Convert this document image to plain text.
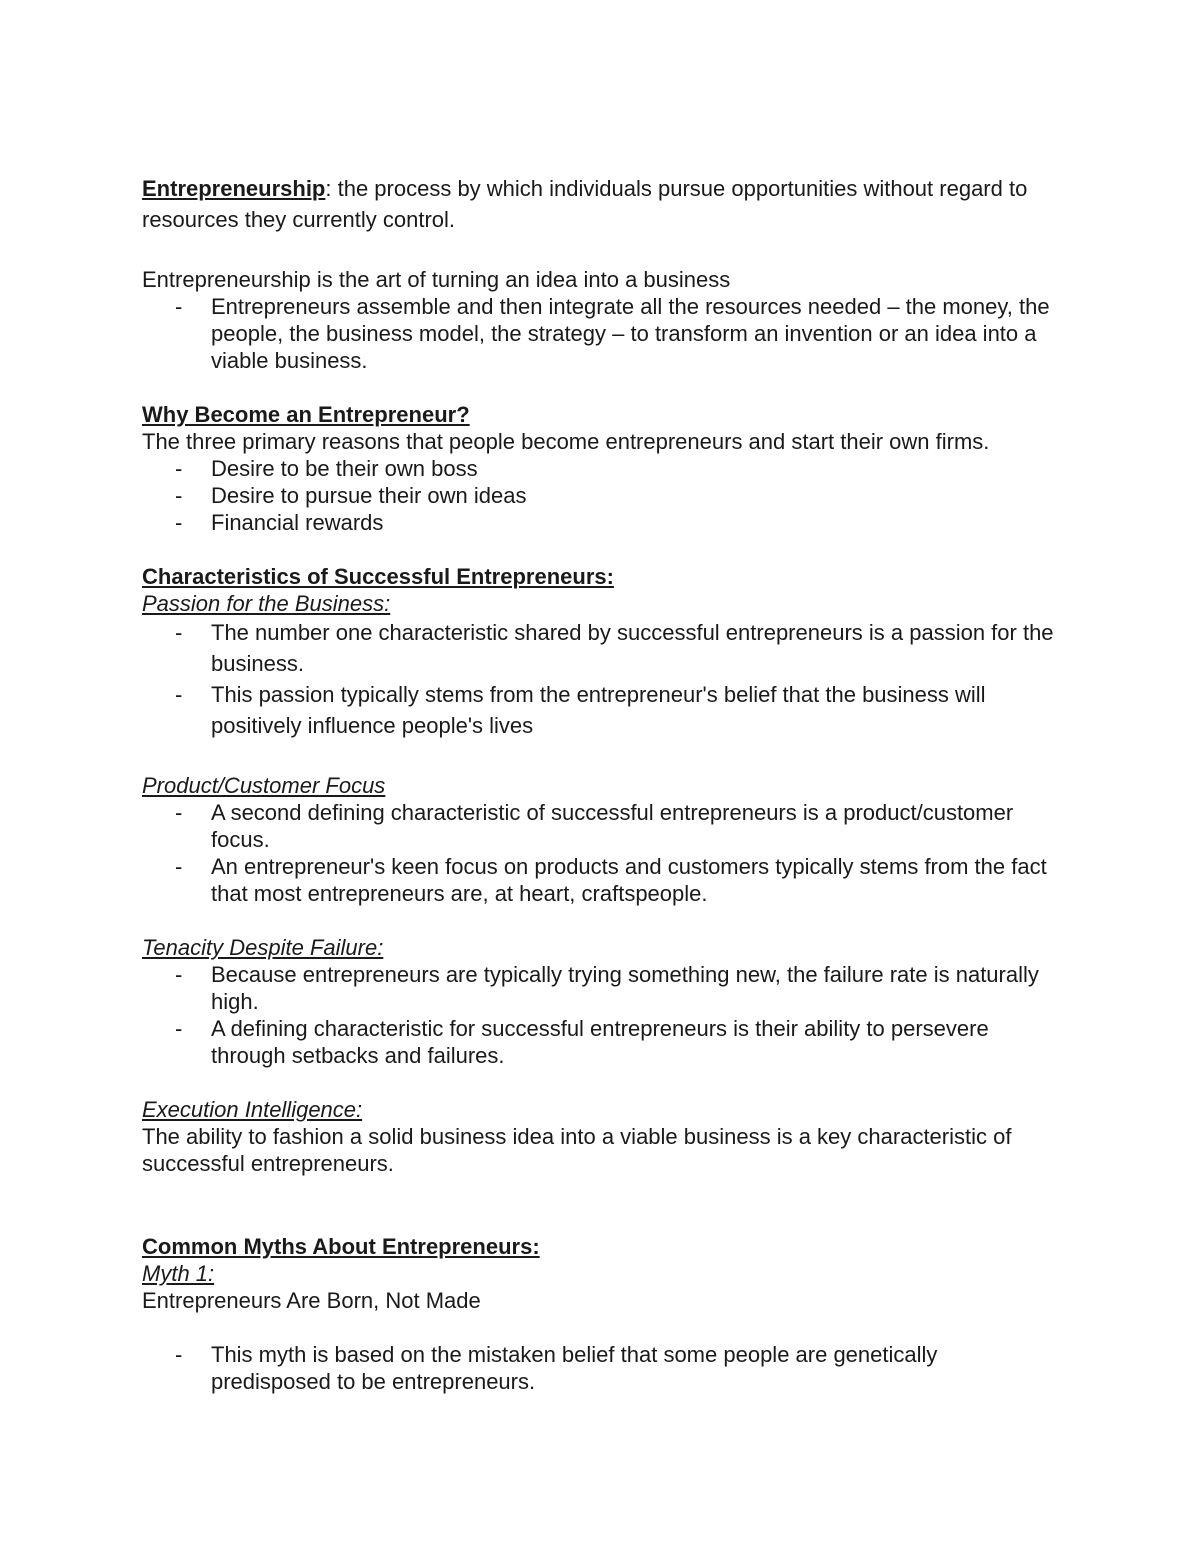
Entrepreneurship: the process by which individuals pursue opportunities without regard to resources they currently control.
Entrepreneurship is the art of turning an idea into a business
- Entrepreneurs assemble and then integrate all the resources needed – the money, the people, the business model, the strategy – to transform an invention or an idea into a viable business.
Why Become an Entrepreneur?
The three primary reasons that people become entrepreneurs and start their own firms.
- Desire to be their own boss
- Desire to pursue their own ideas
- Financial rewards
Characteristics of Successful Entrepreneurs:
Passion for the Business:
- The number one characteristic shared by successful entrepreneurs is a passion for the business.
- This passion typically stems from the entrepreneur's belief that the business will positively influence people's lives
Product/Customer Focus
- A second defining characteristic of successful entrepreneurs is a product/customer focus.
- An entrepreneur's keen focus on products and customers typically stems from the fact that most entrepreneurs are, at heart, craftspeople.
Tenacity Despite Failure:
- Because entrepreneurs are typically trying something new, the failure rate is naturally high.
- A defining characteristic for successful entrepreneurs is their ability to persevere through setbacks and failures.
Execution Intelligence:
The ability to fashion a solid business idea into a viable business is a key characteristic of successful entrepreneurs.
Common Myths About Entrepreneurs:
Myth 1:
Entrepreneurs Are Born, Not Made
- This myth is based on the mistaken belief that some people are genetically predisposed to be entrepreneurs.
